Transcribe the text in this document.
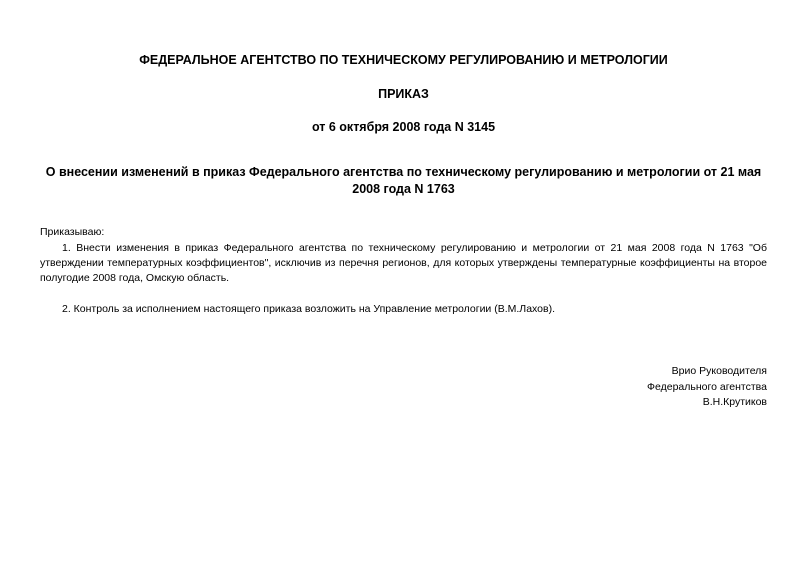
ФЕДЕРАЛЬНОЕ АГЕНТСТВО ПО ТЕХНИЧЕСКОМУ РЕГУЛИРОВАНИЮ И МЕТРОЛОГИИ

ПРИКАЗ

от 6 октября 2008 года N 3145

О внесении изменений в приказ Федерального агентства по техническому регулированию и метрологии от 21 мая 2008 года N 1763

Приказываю:

1. Внести изменения в приказ Федерального агентства по техническому регулированию и метрологии от 21 мая 2008 года N 1763 "Об утверждении температурных коэффициентов", исключив из перечня регионов, для которых утверждены температурные коэффициенты на второе полугодие 2008 года, Омскую область.

2. Контроль за исполнением настоящего приказа возложить на Управление метрологии (В.М.Лахов).

Врио Руководителя
Федерального агентства
В.Н.Крутиков
